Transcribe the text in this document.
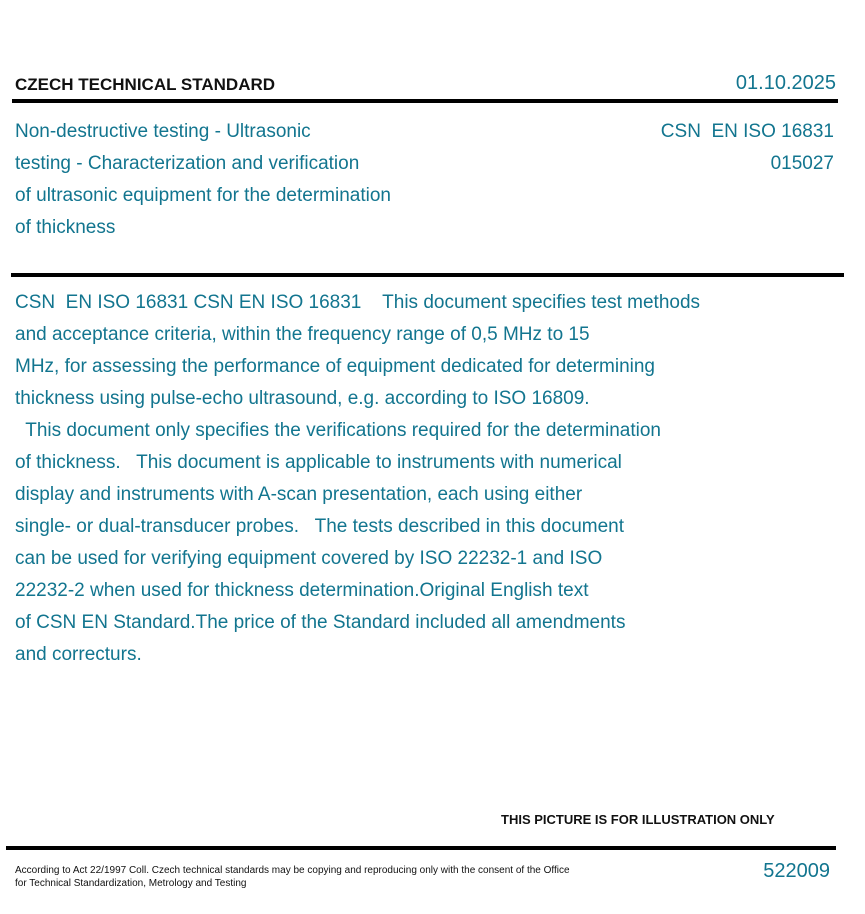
CZECH TECHNICAL STANDARD	01.10.2025
Non-destructive testing - Ultrasonic
testing - Characterization and verification
of ultrasonic equipment for the determination
of thickness
CSN  EN ISO 16831
015027
CSN  EN ISO 16831 CSN EN ISO 16831    This document specifies test methods
and acceptance criteria, within the frequency range of 0,5 MHz to 15
MHz, for assessing the performance of equipment dedicated for determining
thickness using pulse-echo ultrasound, e.g. according to ISO 16809.
This document only specifies the verifications required for the determination
of thickness.   This document is applicable to instruments with numerical
display and instruments with A-scan presentation, each using either
single- or dual-transducer probes.   The tests described in this document
can be used for verifying equipment covered by ISO 22232-1 and ISO
22232-2 when used for thickness determination.Original English text
of CSN EN Standard.The price of the Standard included all amendments
and correcturs.
THIS PICTURE IS FOR ILLUSTRATION ONLY
According to Act 22/1997 Coll. Czech technical standards may be copying and reproducing only with the consent of the Office
for Technical Standardization, Metrology and Testing
522009
